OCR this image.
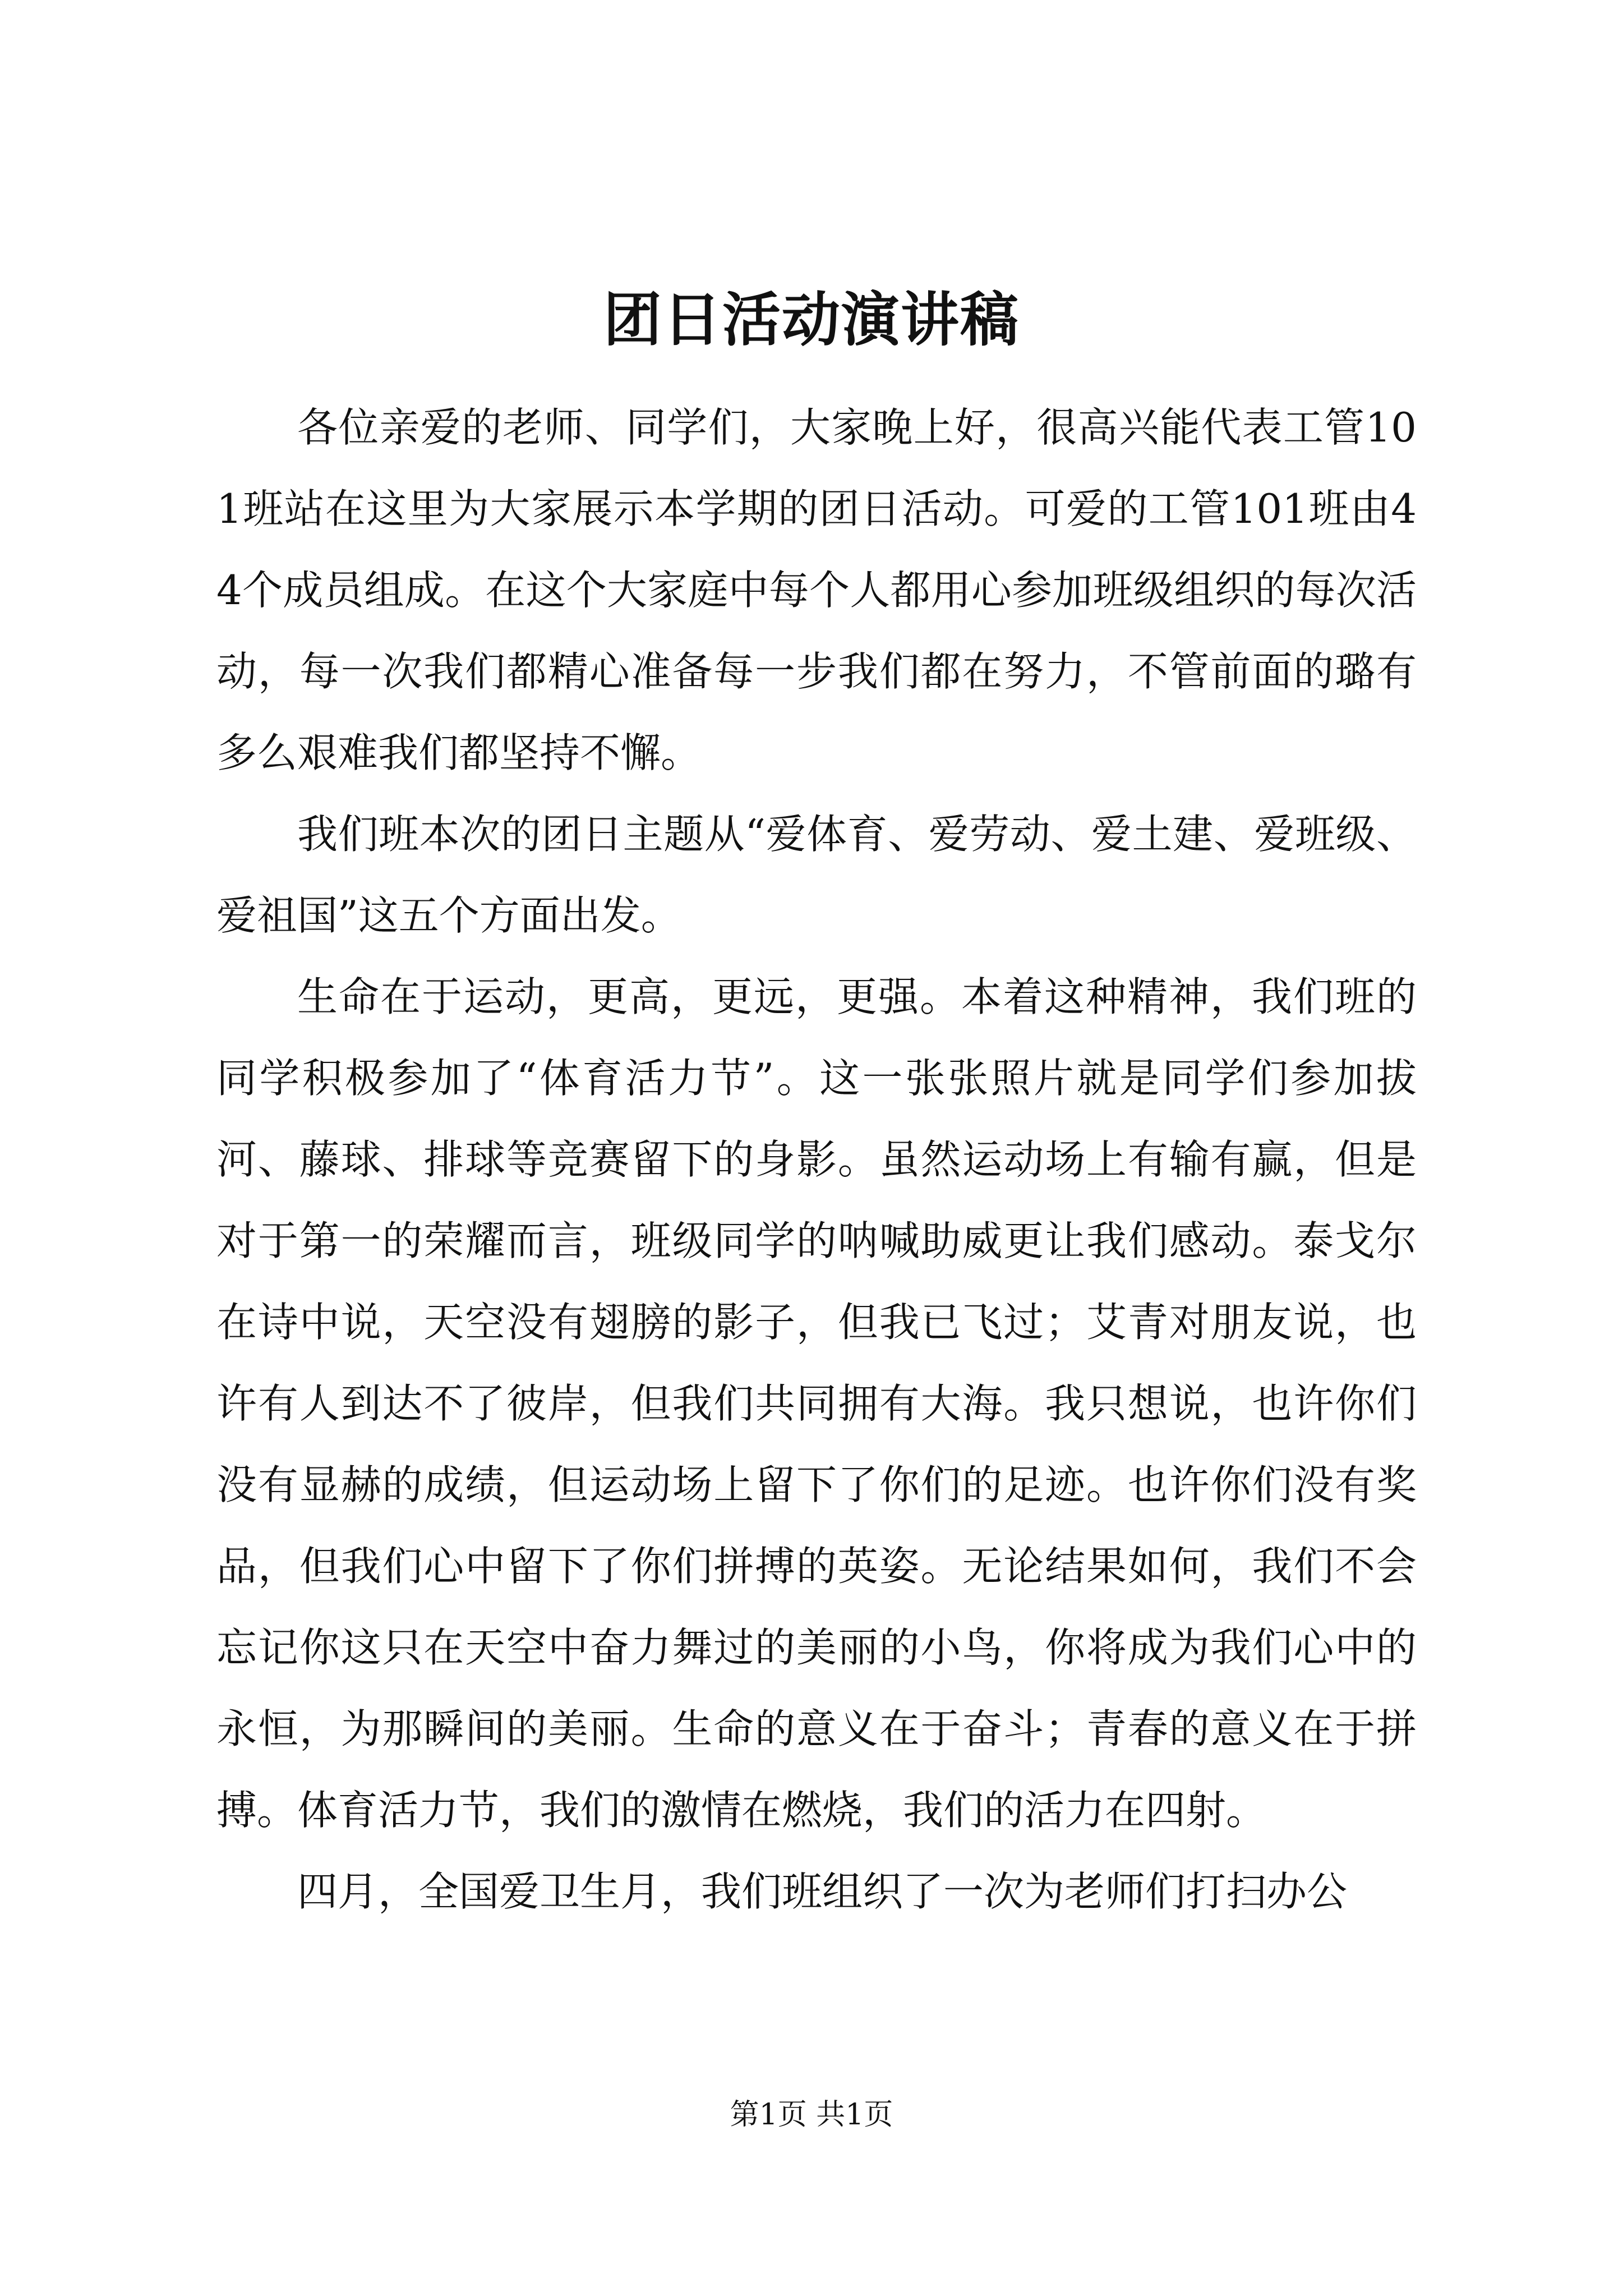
团日活动演讲稿

各位亲爱的老师、同学们，大家晚上好，很高兴能代表工管101班站在这里为大家展示本学期的团日活动。可爱的工管101班由44个成员组成。在这个大家庭中每个人都用心参加班级组织的每次活动，每一次我们都精心准备每一步我们都在努力，不管前面的璐有多么艰难我们都坚持不懈。

我们班本次的团日主题从“爱体育、爱劳动、爱土建、爱班级、爱祖国”这五个方面出发。

生命在于运动，更高，更远，更强。本着这种精神，我们班的同学积极参加了“体育活力节”。这一张张照片就是同学们参加拔河、藤球、排球等竞赛留下的身影。虽然运动场上有输有赢，但是对于第一的荣耀而言，班级同学的呐喊助威更让我们感动。泰戈尔在诗中说，天空没有翅膀的影子，但我已飞过；艾青对朋友说，也许有人到达不了彼岸，但我们共同拥有大海。我只想说，也许你们没有显赫的成绩，但运动场上留下了你们的足迹。也许你们没有奖品，但我们心中留下了你们拼搏的英姿。无论结果如何，我们不会忘记你这只在天空中奋力舞过的美丽的小鸟，你将成为我们心中的永恒，为那瞬间的美丽。生命的意义在于奋斗；青春的意义在于拼搏。体育活力节，我们的激情在燃烧，我们的活力在四射。

四月，全国爱卫生月，我们班组织了一次为老师们打扫办公

第1页 共1页
